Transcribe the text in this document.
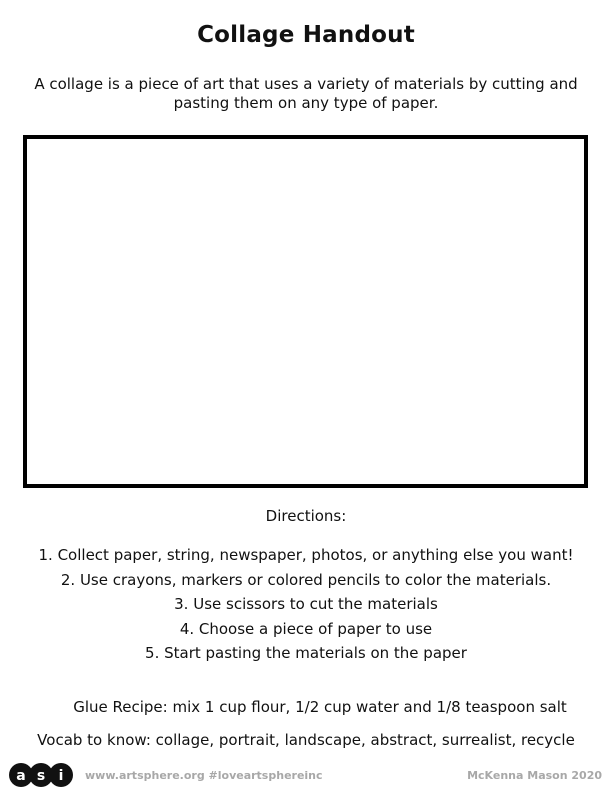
Collage Handout
A collage is a piece of art that uses a variety of materials by cutting and pasting them on any type of paper.
Directions:
1. Collect paper, string, newspaper, photos, or anything else you want!
2. Use crayons, markers or colored pencils to color the materials.
3. Use scissors to cut the materials
4. Choose a piece of paper to use
5. Start pasting the materials on the paper
Glue Recipe: mix 1 cup flour, 1/2 cup water and 1/8 teaspoon salt
Vocab to know: collage, portrait, landscape, abstract, surrealist, recycle
a s i www.artsphere.org #loveartsphereinc	McKenna Mason 2020
